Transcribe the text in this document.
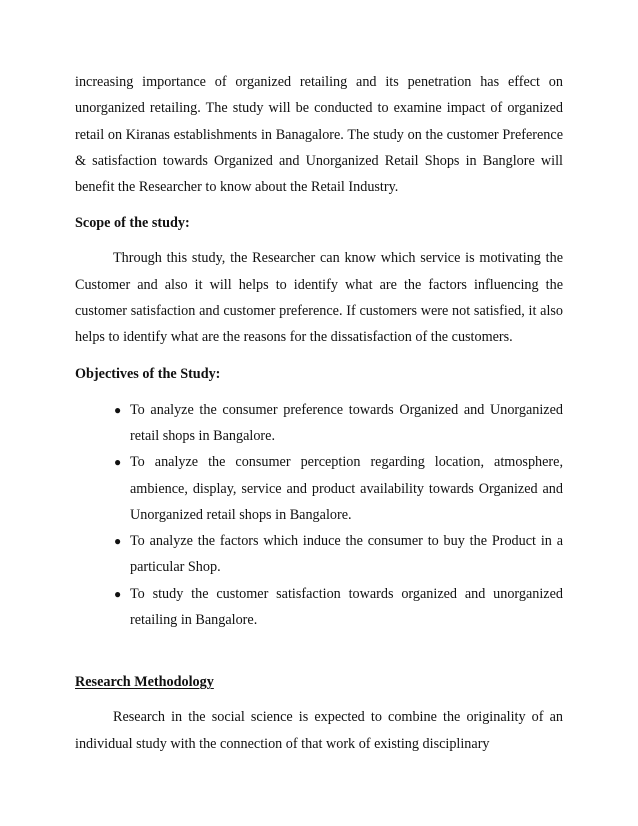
increasing importance of organized retailing and its penetration has effect on unorganized retailing. The study will be conducted to examine impact of organized retail on Kiranas establishments in Banagalore. The study on the customer Preference & satisfaction towards Organized and Unorganized Retail Shops in Banglore will benefit the Researcher to know about the Retail Industry.

Scope of the study:

Through this study, the Researcher can know which service is motivating the Customer and also it will helps to identify what are the factors influencing the customer satisfaction and customer preference. If customers were not satisfied, it also helps to identify what are the reasons for the dissatisfaction of the customers.

Objectives of the Study:

● To analyze the consumer preference towards Organized and Unorganized retail shops in Bangalore.
● To analyze the consumer perception regarding location, atmosphere, ambience, display, service and product availability towards Organized and Unorganized retail shops in Bangalore.
● To analyze the factors which induce the consumer to buy the Product in a particular Shop.
● To study the customer satisfaction towards organized and unorganized retailing in Bangalore.

Research Methodology

Research in the social science is expected to combine the originality of an individual study with the connection of that work of existing disciplinary
